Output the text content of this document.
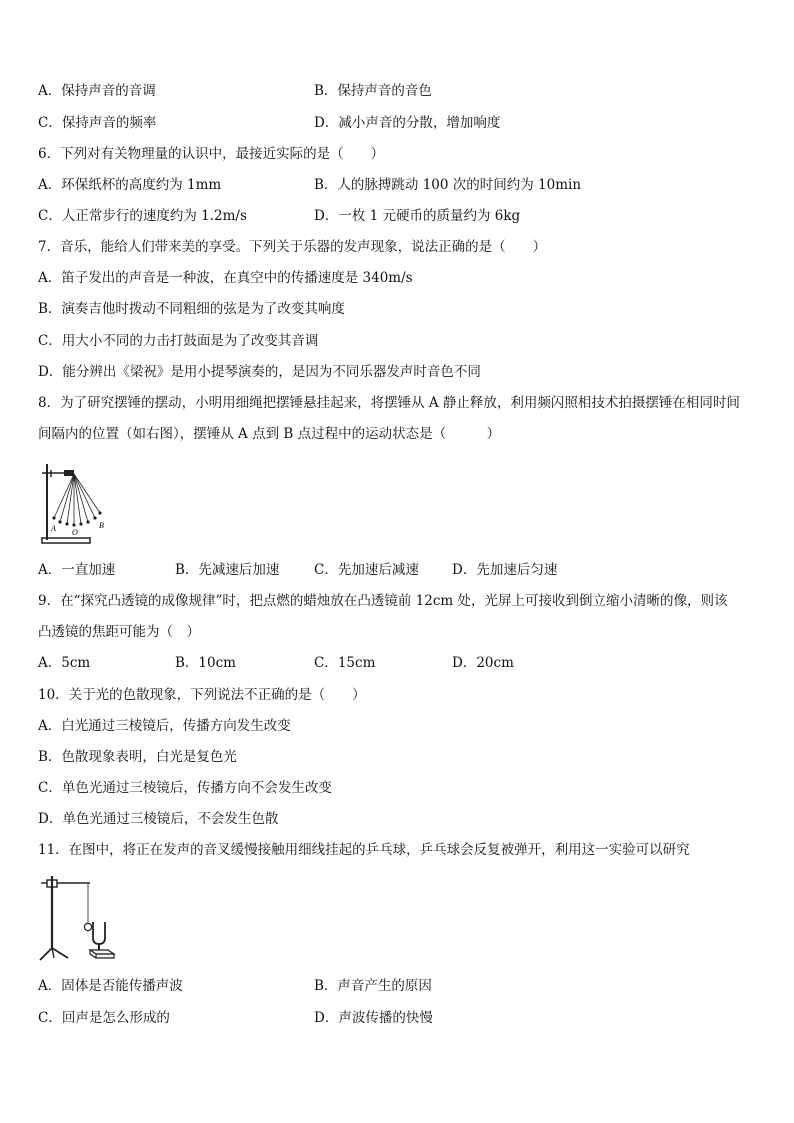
A．保持声音的音调	B．保持声音的音色
C．保持声音的频率	D．减小声音的分散，增加响度
6．下列对有关物理量的认识中，最接近实际的是（　　）
A．环保纸杯的高度约为 1mm	B．人的脉搏跳动 100 次的时间约为 10min
C．人正常步行的速度约为 1.2m/s	D．一枚 1 元硬币的质量约为 6kg
7．音乐，能给人们带来美的享受。下列关于乐器的发声现象，说法正确的是（　　）
A．笛子发出的声音是一种波，在真空中的传播速度是 340m/s
B．演奏吉他时拨动不同粗细的弦是为了改变其响度
C．用大小不同的力击打鼓面是为了改变其音调
D．能分辨出《梁祝》是用小提琴演奏的，是因为不同乐器发声时音色不同
8．为了研究摆锤的摆动，小明用细绳把摆锤悬挂起来，将摆锤从 A 静止释放，利用频闪照相技术拍摄摆锤在相同时间
间隔内的位置（如右图），摆锤从 A 点到 B 点过程中的运动状态是（　　　）
A O
B
A．一直加速	B．先减速后加速	C．先加速后减速 D．先加速后匀速
9．在“探究凸透镜的成像规律”时，把点燃的蜡烛放在凸透镜前 12cm 处，光屏上可接收到倒立缩小清晰的像，则该
凸透镜的焦距可能为（　）
A．5cm	B．10cm	C．15cm	D．20cm
10．关于光的色散现象，下列说法不正确的是（　　）
A．白光通过三棱镜后，传播方向发生改变
B．色散现象表明，白光是复色光
C．单色光通过三棱镜后，传播方向不会发生改变
D．单色光通过三棱镜后，不会发生色散
11．在图中，将正在发声的音叉缓慢接触用细线挂起的乒乓球，乒乓球会反复被弹开，利用这一实验可以研究
A．固体是否能传播声波	B．声音产生的原因
C．回声是怎么形成的	D．声波传播的快慢
